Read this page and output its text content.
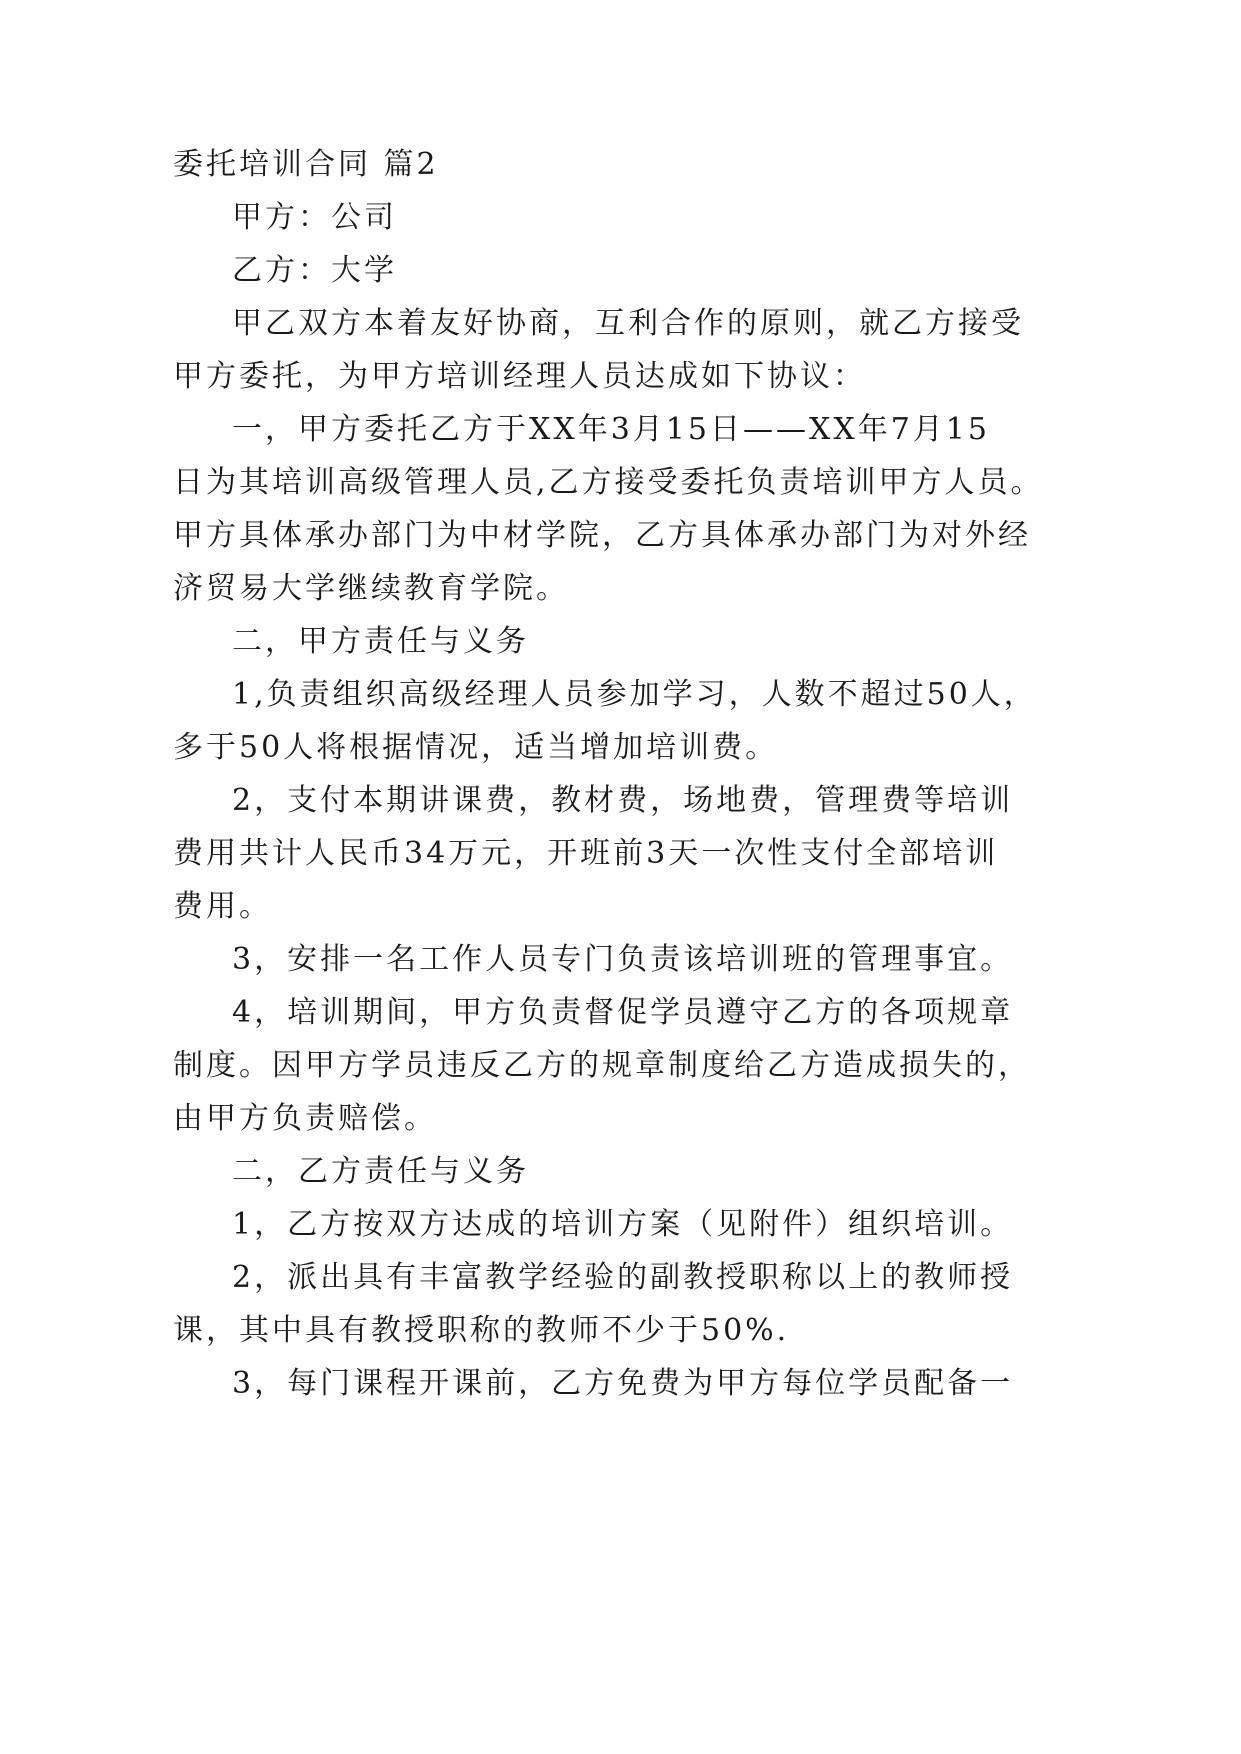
委托培训合同 篇2
甲方：公司
乙方：大学
甲乙双方本着友好协商，互利合作的原则，就乙方接受
甲方委托，为甲方培训经理人员达成如下协议：
一，甲方委托乙方于XX年3月15日——XX年7月15
日为其培训高级管理人员,乙方接受委托负责培训甲方人员。
甲方具体承办部门为中材学院，乙方具体承办部门为对外经
济贸易大学继续教育学院。
二，甲方责任与义务
1,负责组织高级经理人员参加学习，人数不超过50人，
多于50人将根据情况，适当增加培训费。
2，支付本期讲课费，教材费，场地费，管理费等培训
费用共计人民币34万元，开班前3天一次性支付全部培训
费用。
3，安排一名工作人员专门负责该培训班的管理事宜。
4，培训期间，甲方负责督促学员遵守乙方的各项规章
制度。因甲方学员违反乙方的规章制度给乙方造成损失的，
由甲方负责赔偿。
二，乙方责任与义务
1，乙方按双方达成的培训方案（见附件）组织培训。
2，派出具有丰富教学经验的副教授职称以上的教师授
课，其中具有教授职称的教师不少于50%.
3，每门课程开课前，乙方免费为甲方每位学员配备一
